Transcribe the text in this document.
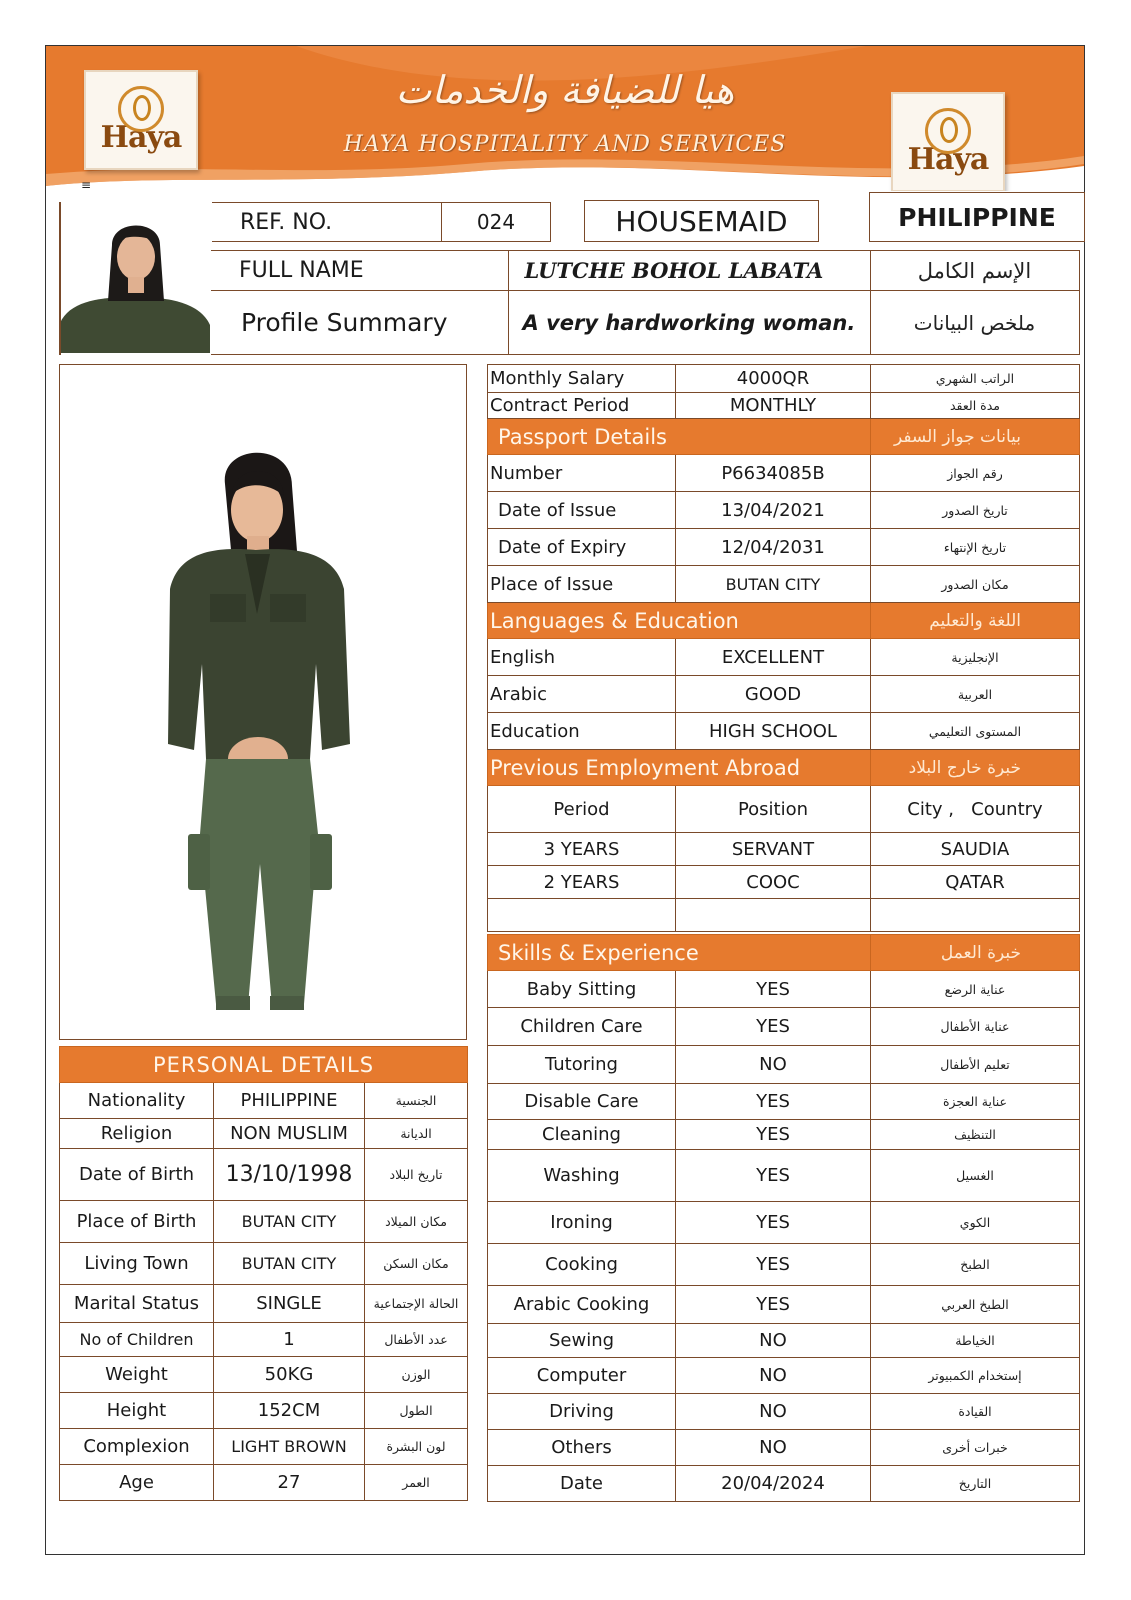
Haya
Haya
هيا للضيافة والخدمات
HAYA HOSPITALITY AND SERVICES
≡
REF. NO.	024	HOUSEMAID	PHILIPPINE
FULL NAME	LUTCHE BOHOL LABATA	الإسم الكامل
Profile Summary	A very hardworking woman.	ملخص البيانات
PERSONAL DETAILS		
Nationality	PHILIPPINE	الجنسية
Religion	NON MUSLIM	الديانة
Date of Birth	13/10/1998	تاريخ البلاد
Place of Birth	BUTAN CITY	مكان الميلاد
Living Town	BUTAN CITY	مكان السكن
Marital Status	SINGLE	الحالة الإجتماعية
No of Children	1	عدد الأطفال
Weight	50KG	الوزن
Height	152CM	الطول
Complexion	LIGHT BROWN	لون البشرة
Age	27	العمر
Monthly Salary	4000QR	الراتب الشهري
Contract Period	MONTHLY	مدة العقد
Passport Details		بيانات جواز السفر
Number	P6634085B	رقم الجواز
Date of Issue	13/04/2021	تاريخ الصدور
Date of Expiry	12/04/2031	تاريخ الإنتهاء
Place of Issue	BUTAN CITY	مكان الصدور
Languages & Education		اللغة والتعليم
English	EXCELLENT	الإنجليزية
Arabic	GOOD	العربية
Education	HIGH SCHOOL	المستوى التعليمي
Previous Employment Abroad		خبرة خارج البلاد
Period	Position	City ,   Country
3 YEARS	SERVANT	SAUDIA
2 YEARS	COOC	QATAR

Skills & Experience		خبرة العمل
Baby Sitting	YES	عناية الرضع
Children Care	YES	عناية الأطفال
Tutoring	NO	تعليم الأطفال
Disable Care	YES	عناية العجزة
Cleaning	YES	التنظيف
Washing	YES	الغسيل
Ironing	YES	الكوي
Cooking	YES	الطبخ
Arabic Cooking	YES	الطبخ العربي
Sewing	NO	الخياطة
Computer	NO	إستخدام الكمبيوتر
Driving	NO	القيادة
Others	NO	خبرات أخرى
Date	20/04/2024	التاريخ
